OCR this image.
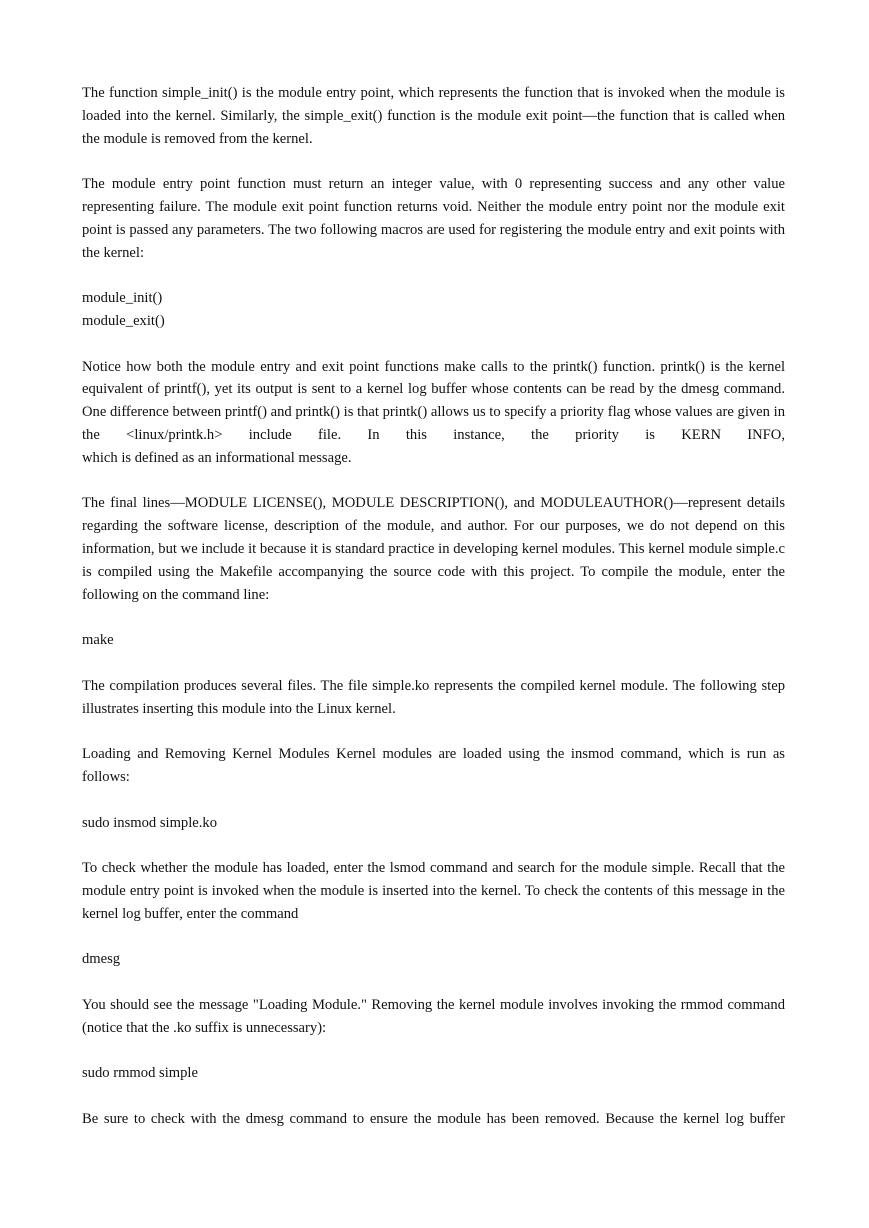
The function simple_init() is the module entry point, which represents the function that is invoked when the module is loaded into the kernel. Similarly, the simple_exit() function is the module exit point—the function that is called when the module is removed from the kernel.

The module entry point function must return an integer value, with 0 representing success and any other value representing failure. The module exit point function returns void. Neither the module entry point nor the module exit point is passed any parameters. The two following macros are used for registering the module entry and exit points with the kernel:

module_init()
module_exit()
Notice how both the module entry and exit point functions make calls to the printk() function. printk() is the kernel equivalent of printf(), yet its output is sent to a kernel log buffer whose contents can be read by the dmesg command. One difference between printf() and printk() is that printk() allows us to specify a priority flag whose values are given in the <linux/printk.h> include file. In this instance, the priority is KERN INFO,
which is defined as an informational message.

The final lines—MODULE LICENSE(), MODULE DESCRIPTION(), and MODULEAUTHOR()—represent details regarding the software license, description of the module, and author. For our purposes, we do not depend on this information, but we include it because it is standard practice in developing kernel modules. This kernel module simple.c is compiled using the Makefile accompanying the source code with this project. To compile the module, enter the following on the command line:

make

The compilation produces several files. The file simple.ko represents the compiled kernel module. The following step illustrates inserting this module into the Linux kernel.

Loading and Removing Kernel Modules Kernel modules are loaded using the insmod command, which is run as follows:

sudo insmod simple.ko

To check whether the module has loaded, enter the lsmod command and search for the module simple. Recall that the module entry point is invoked when the module is inserted into the kernel. To check the contents of this message in the kernel log buffer, enter the command

dmesg

You should see the message "Loading Module." Removing the kernel module involves invoking the rmmod command (notice that the .ko suffix is unnecessary):

sudo rmmod simple

Be sure to check with the dmesg command to ensure the module has been removed. Because the kernel log buffer
